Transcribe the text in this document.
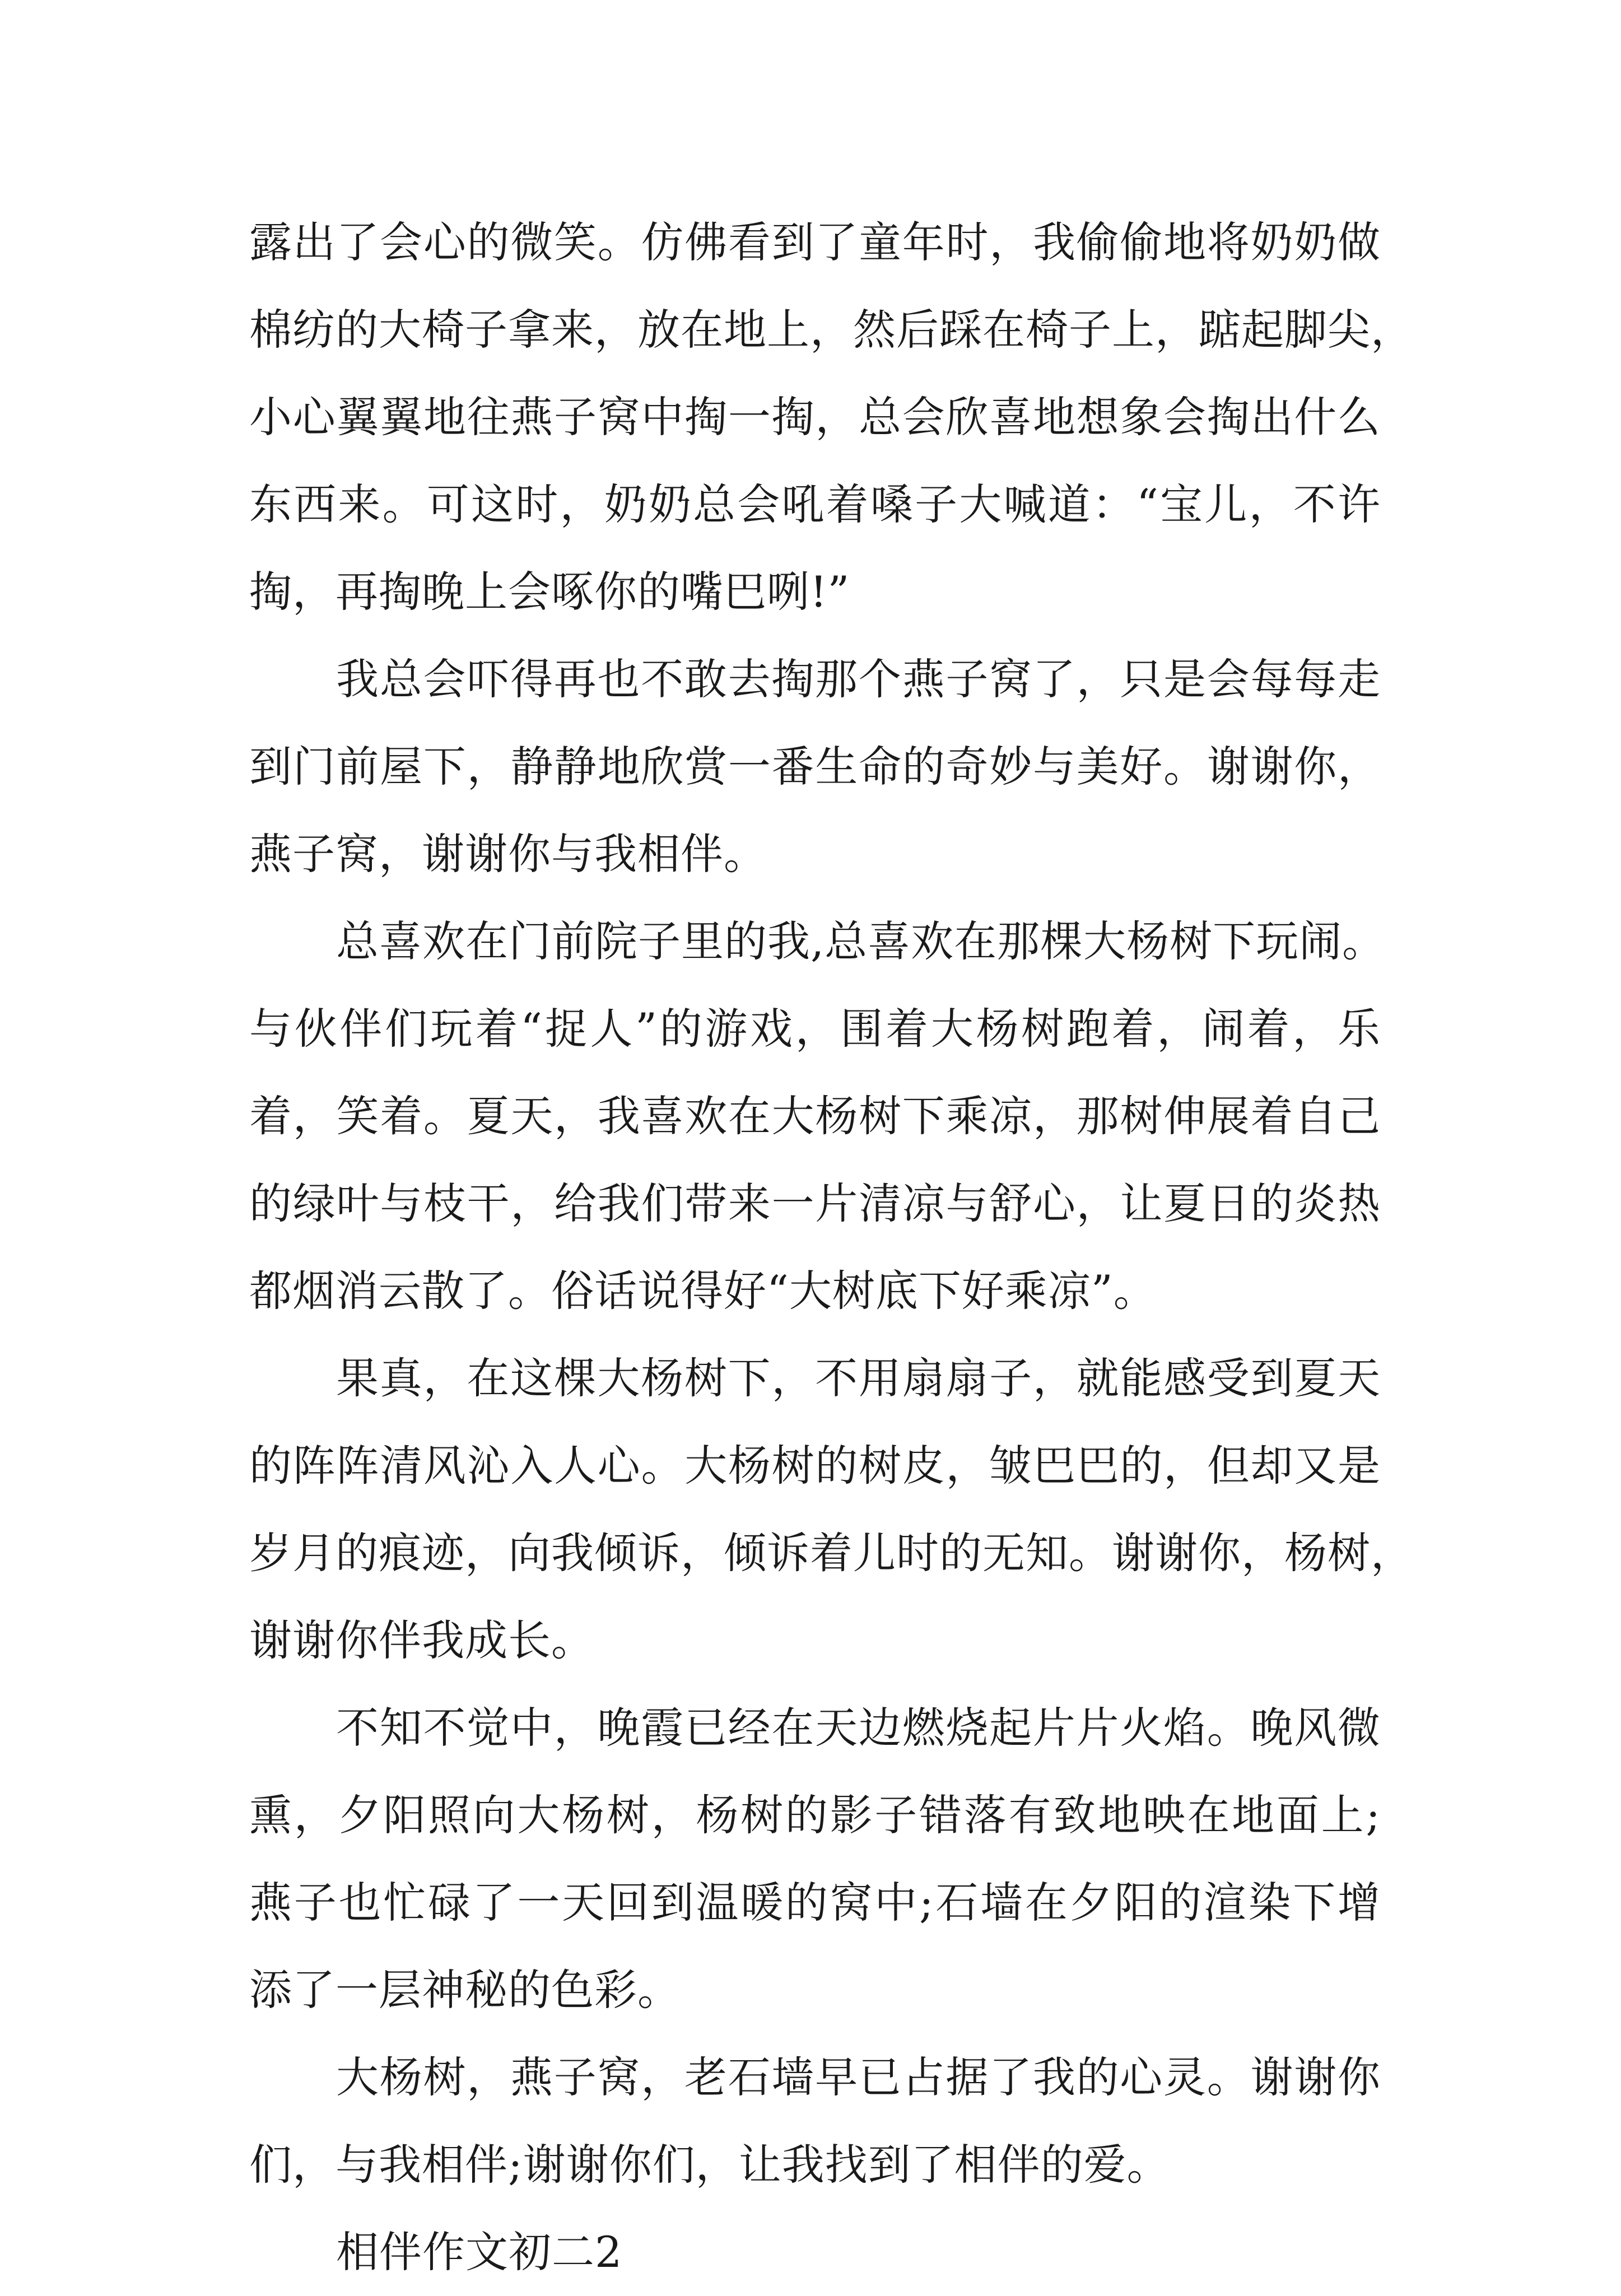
露出了会心的微笑。仿佛看到了童年时，我偷偷地将奶奶做
棉纺的大椅子拿来，放在地上，然后踩在椅子上，踮起脚尖，
小心翼翼地往燕子窝中掏一掏，总会欣喜地想象会掏出什么
东西来。可这时，奶奶总会吼着嗓子大喊道：“宝儿，不许
掏，再掏晚上会啄你的嘴巴咧!”
我总会吓得再也不敢去掏那个燕子窝了，只是会每每走
到门前屋下，静静地欣赏一番生命的奇妙与美好。谢谢你，
燕子窝，谢谢你与我相伴。
总喜欢在门前院子里的我,总喜欢在那棵大杨树下玩闹。
与伙伴们玩着“捉人”的游戏，围着大杨树跑着，闹着，乐
着，笑着。夏天，我喜欢在大杨树下乘凉，那树伸展着自己
的绿叶与枝干，给我们带来一片清凉与舒心，让夏日的炎热
都烟消云散了。俗话说得好“大树底下好乘凉”。
果真，在这棵大杨树下，不用扇扇子，就能感受到夏天
的阵阵清风沁入人心。大杨树的树皮，皱巴巴的，但却又是
岁月的痕迹，向我倾诉，倾诉着儿时的无知。谢谢你，杨树，
谢谢你伴我成长。
不知不觉中，晚霞已经在天边燃烧起片片火焰。晚风微
熏，夕阳照向大杨树，杨树的影子错落有致地映在地面上;
燕子也忙碌了一天回到温暖的窝中;石墙在夕阳的渲染下增
添了一层神秘的色彩。
大杨树，燕子窝，老石墙早已占据了我的心灵。谢谢你
们，与我相伴;谢谢你们，让我找到了相伴的爱。
相伴作文初二2
